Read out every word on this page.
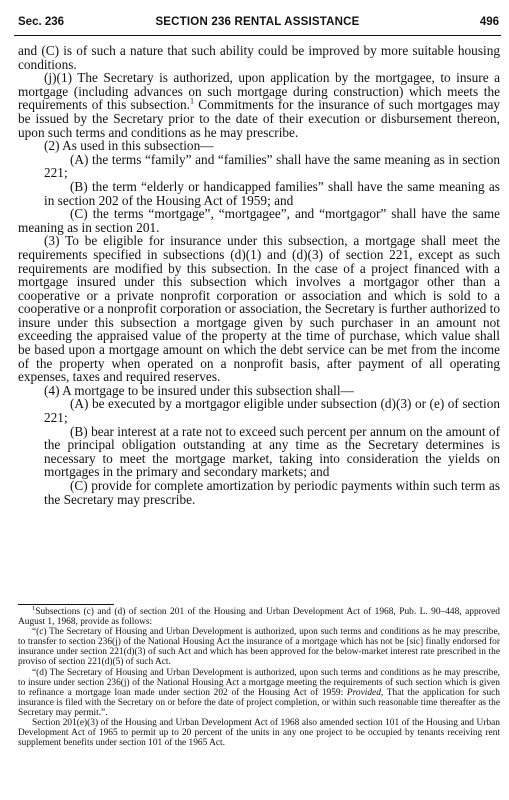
Sec. 236	SECTION 236 RENTAL ASSISTANCE	496

and (C) is of such a nature that such ability could be improved by more suitable housing conditions.

(j)(1) The Secretary is authorized, upon application by the mortgagee, to insure a mortgage (including advances on such mortgage during construction) which meets the requirements of this subsection.$^1$ Commitments for the insurance of such mortgages may be issued by the Secretary prior to the date of their execution or disbursement thereon, upon such terms and conditions as he may prescribe.

(2) As used in this subsection—

(A) the terms “family” and “families” shall have the same meaning as in section 221;

(B) the term “elderly or handicapped families” shall have the same meaning as in section 202 of the Housing Act of 1959; and

(C) the terms “mortgage”, “mortgagee”, and “mortgagor” shall have the same meaning as in section 201.

(3) To be eligible for insurance under this subsection, a mortgage shall meet the requirements specified in subsections (d)(1) and (d)(3) of section 221, except as such requirements are modified by this subsection. In the case of a project financed with a mortgage insured under this subsection which involves a mortgagor other than a cooperative or a private nonprofit corporation or association and which is sold to a cooperative or a nonprofit corporation or association, the Secretary is further authorized to insure under this subsection a mortgage given by such purchaser in an amount not exceeding the appraised value of the property at the time of purchase, which value shall be based upon a mortgage amount on which the debt service can be met from the income of the property when operated on a nonprofit basis, after payment of all operating expenses, taxes and required reserves.

(4) A mortgage to be insured under this subsection shall—

(A) be executed by a mortgagor eligible under subsection (d)(3) or (e) of section 221;

(B) bear interest at a rate not to exceed such percent per annum on the amount of the principal obligation outstanding at any time as the Secretary determines is necessary to meet the mortgage market, taking into consideration the yields on mortgages in the primary and secondary markets; and

(C) provide for complete amortization by periodic payments within such term as the Secretary may prescribe.

$^1$Subsections (c) and (d) of section 201 of the Housing and Urban Development Act of 1968, Pub. L. 90–448, approved August 1, 1968, provide as follows:

“(c) The Secretary of Housing and Urban Development is authorized, upon such terms and conditions as he may prescribe, to transfer to section 236(j) of the National Housing Act the insurance of a mortgage which has not be [sic] finally endorsed for insurance under section 221(d)(3) of such Act and which has been approved for the below-market interest rate prescribed in the proviso of section 221(d)(5) of such Act.

“(d) The Secretary of Housing and Urban Development is authorized, upon such terms and conditions as he may prescribe, to insure under section 236(j) of the National Housing Act a mortgage meeting the requirements of such section which is given to refinance a mortgage loan made under section 202 of the Housing Act of 1959: Provided, That the application for such insurance is filed with the Secretary on or before the date of project completion, or within such reasonable time thereafter as the Secretary may permit.”.

Section 201(e)(3) of the Housing and Urban Development Act of 1968 also amended section 101 of the Housing and Urban Development Act of 1965 to permit up to 20 percent of the units in any one project to be occupied by tenants receiving rent supplement benefits under section 101 of the 1965 Act.
